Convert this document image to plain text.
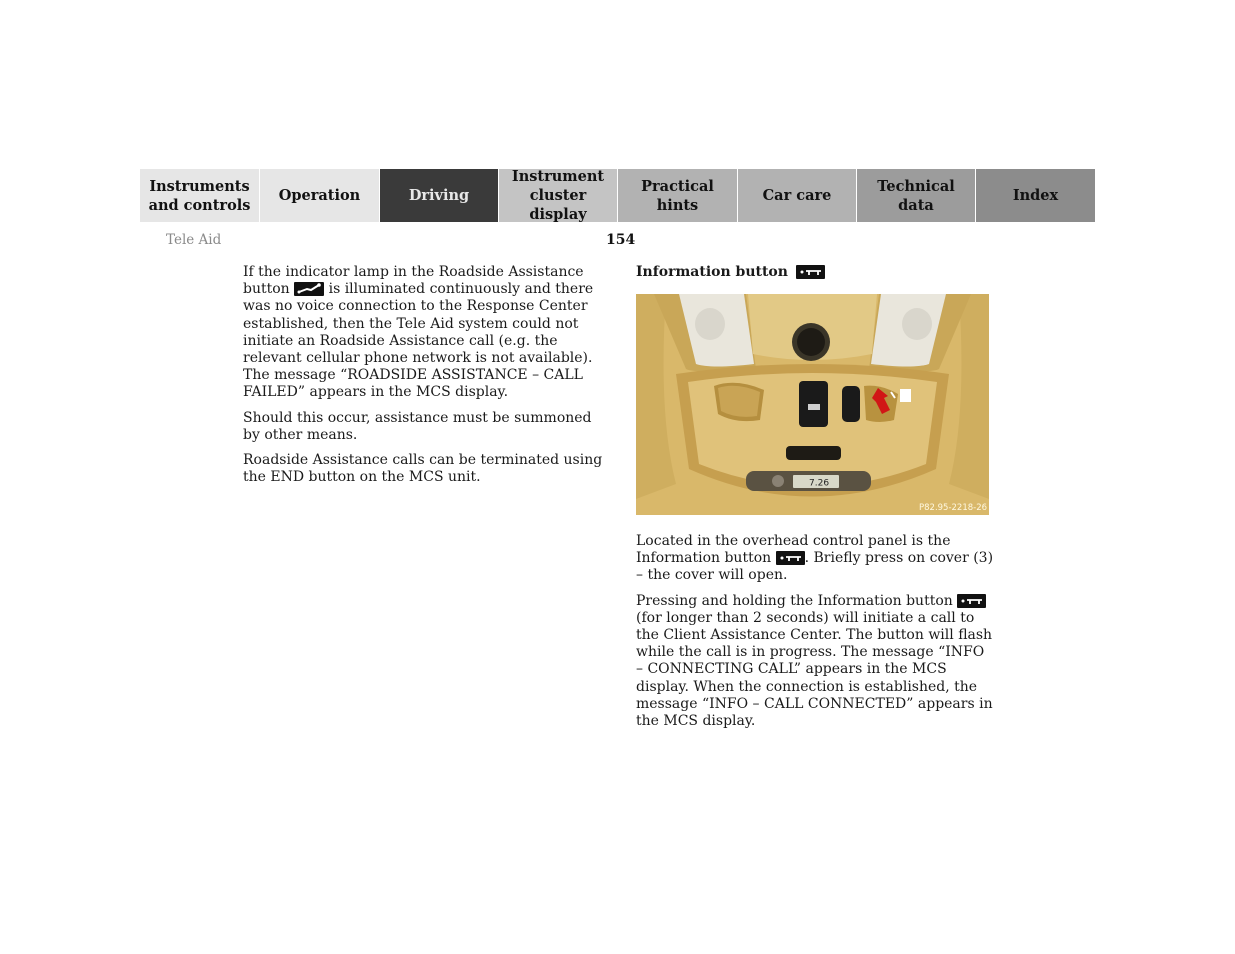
Instruments
and controls
Operation	Driving
Instrument
cluster display
Practical hints
Car care
Technical
data
Index
Tele Aid	154

If the indicator lamp in the Roadside Assistance button	is illuminated continuously and there was no voice connection to the Response Center established, then the Tele Aid system could not initiate an Roadside Assistance call (e.g. the relevant cellular phone network is not available). The message “ROADSIDE ASSISTANCE – CALL FAILED” appears in the MCS display.

Should this occur, assistance must be summoned by other means.

Roadside Assistance calls can be terminated using the END button on the MCS unit.

Information button
7.26
P82.95-2218-26

Located in the overhead control panel is the Information button . Briefly press on cover (3) – the cover will open.

Pressing and holding the Information button
(for longer than 2 seconds) will initiate a call to the Client Assistance Center. The button will flash while the call is in progress. The message “INFO – CONNECTING CALL” appears in the MCS display. When the connection is established, the message “INFO – CALL CONNECTED” appears in the MCS display.
